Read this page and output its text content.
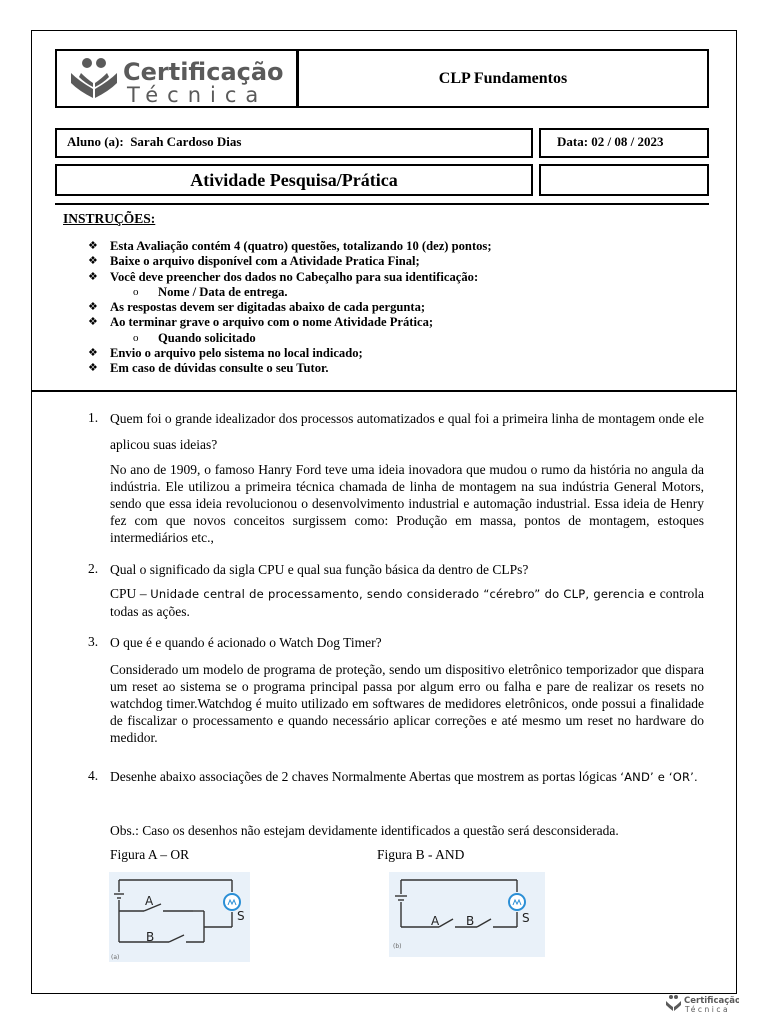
Certificação
Técnica
CLP Fundamentos
Aluno (a): Sarah Cardoso Dias	Data: 02 / 08 / 2023
Atividade Pesquisa/Prática
INSTRUÇÕES:
❖ Esta Avaliação contém 4 (quatro) questões, totalizando 10 (dez) pontos;
❖ Baixe o arquivo disponível com a Atividade Pratica Final;
❖ Você deve preencher dos dados no Cabeçalho para sua identificação:
o Nome / Data de entrega.
❖ As respostas devem ser digitadas abaixo de cada pergunta;
❖ Ao terminar grave o arquivo com o nome Atividade Prática;
o Quando solicitado
❖ Envio o arquivo pelo sistema no local indicado;
❖ Em caso de dúvidas consulte o seu Tutor.
1. Quem foi o grande idealizador dos processos automatizados e qual foi a primeira linha de montagem onde ele aplicou suas ideias?
No ano de 1909, o famoso Hanry Ford teve uma ideia inovadora que mudou o rumo da história no angula da indústria. Ele utilizou a primeira técnica chamada de linha de montagem na sua indústria General Motors, sendo que essa ideia revolucionou o desenvolvimento industrial e automação industrial. Essa ideia de Henry fez com que novos conceitos surgissem como: Produção em massa, pontos de montagem, estoques intermediários etc.,
2. Qual o significado da sigla CPU e qual sua função básica da dentro de CLPs?
CPU – Unidade central de processamento, sendo considerado “cérebro” do CLP, gerencia e controla todas as ações.
3. O que é e quando é acionado o Watch Dog Timer?
Considerado um modelo de programa de proteção, sendo um dispositivo eletrônico temporizador que dispara um reset ao sistema se o programa principal passa por algum erro ou falha e pare de realizar os resets no watchdog timer.Watchdog é muito utilizado em softwares de medidores eletrônicos, onde possui a finalidade de fiscalizar o processamento e quando necessário aplicar correções e até mesmo um reset no hardware do medidor.
4. Desenhe abaixo associações de 2 chaves Normalmente Abertas que mostrem as portas lógicas ‘AND’ e ‘OR’.
Obs.: Caso os desenhos não estejam devidamente identificados a questão será desconsiderada.
Figura A – OR	Figura B - AND
A
B
S
(a)
A B	S
(b)
Certificação
Técnica
